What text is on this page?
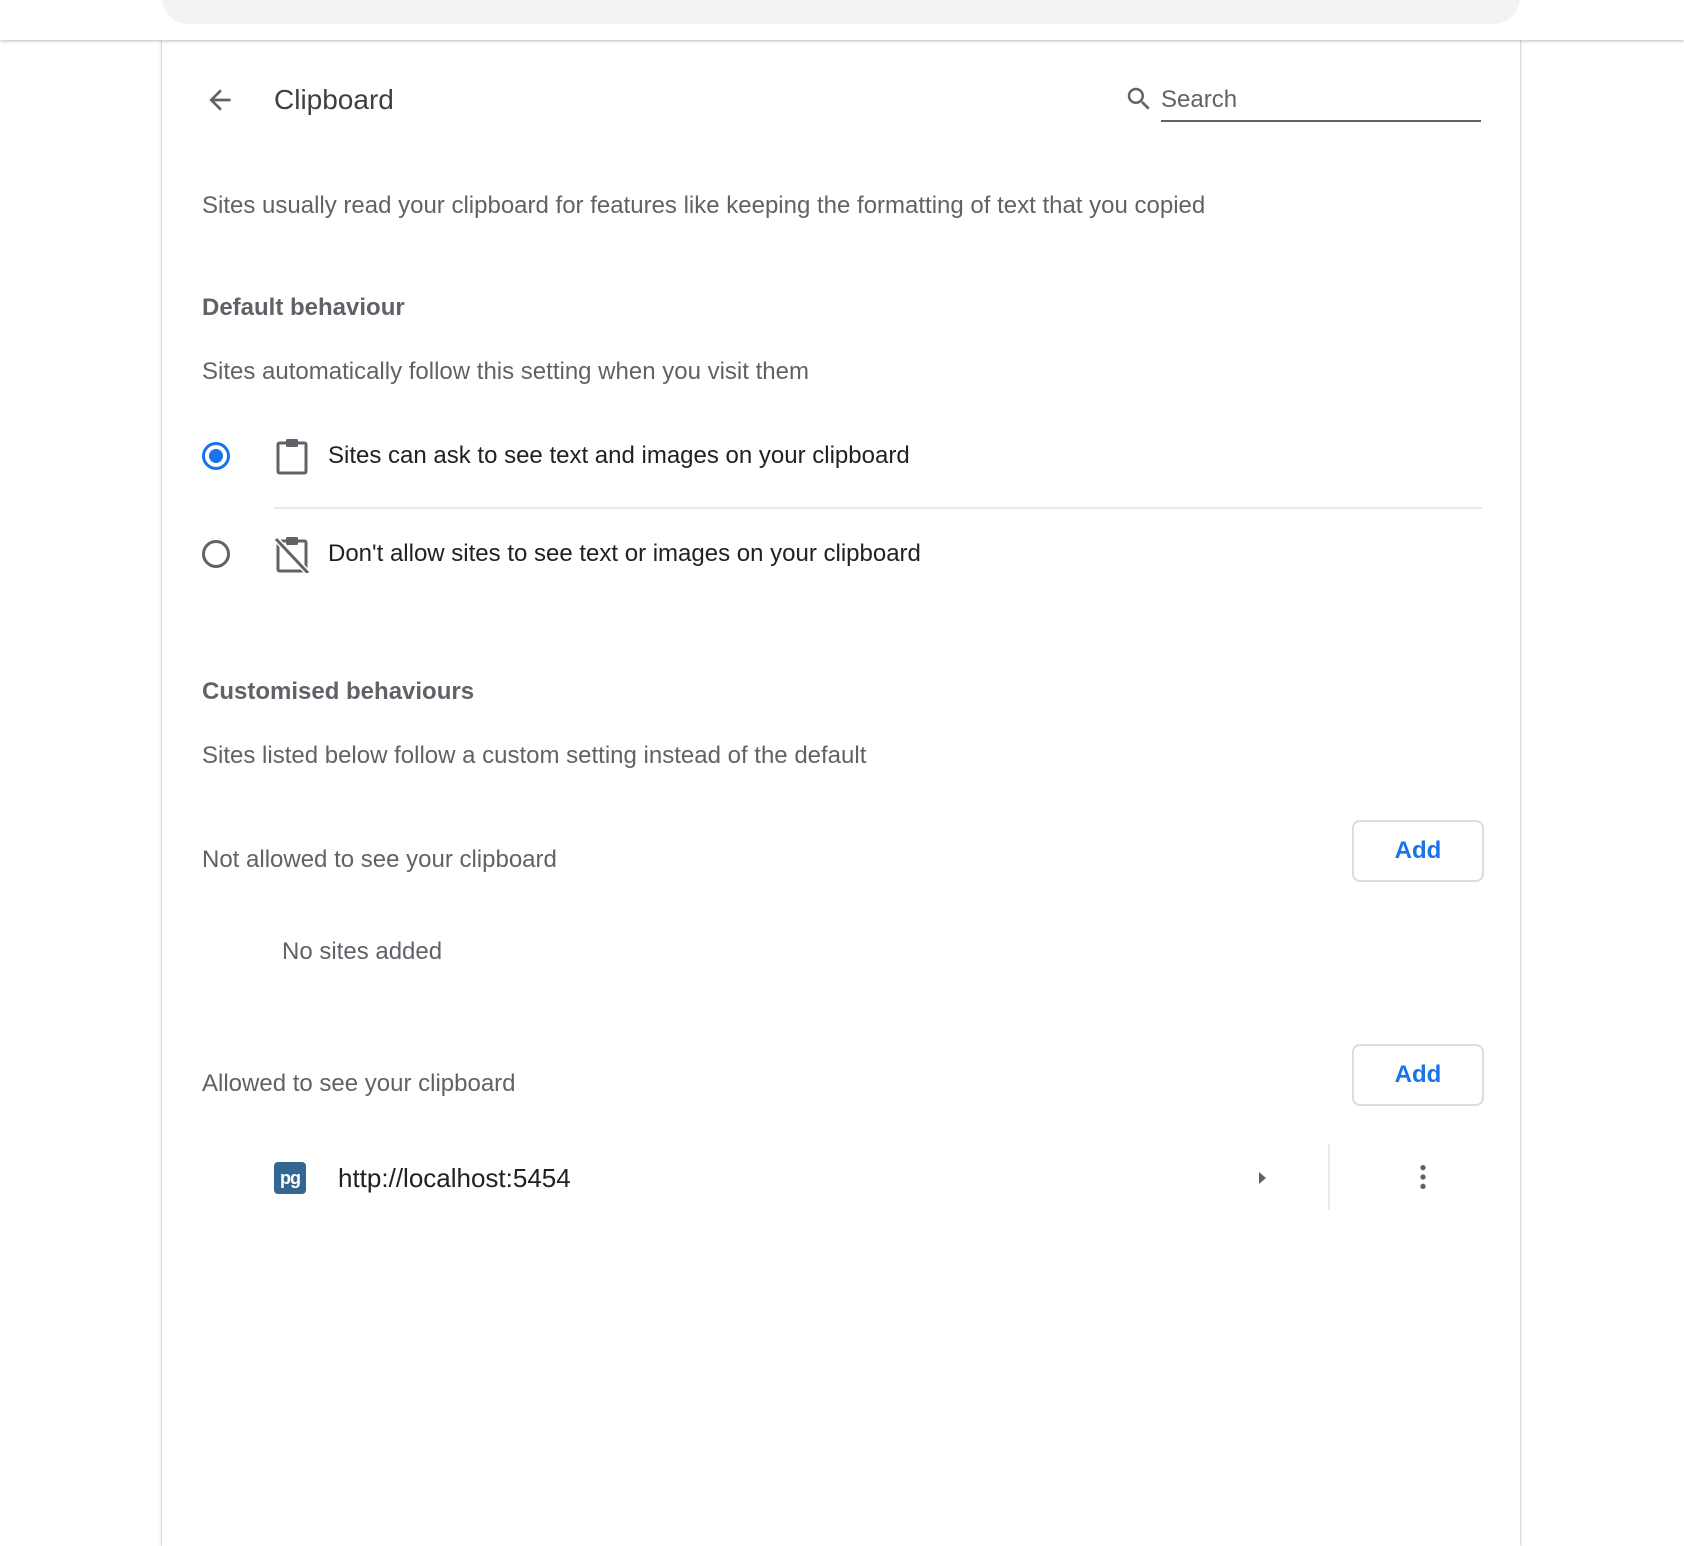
Clipboard
Search
Sites usually read your clipboard for features like keeping the formatting of text that you copied
Default behaviour
Sites automatically follow this setting when you visit them
Sites can ask to see text and images on your clipboard
Don't allow sites to see text or images on your clipboard
Customised behaviours
Sites listed below follow a custom setting instead of the default
Not allowed to see your clipboard	Add
No sites added
Allowed to see your clipboard	Add
pg http://localhost:5454
